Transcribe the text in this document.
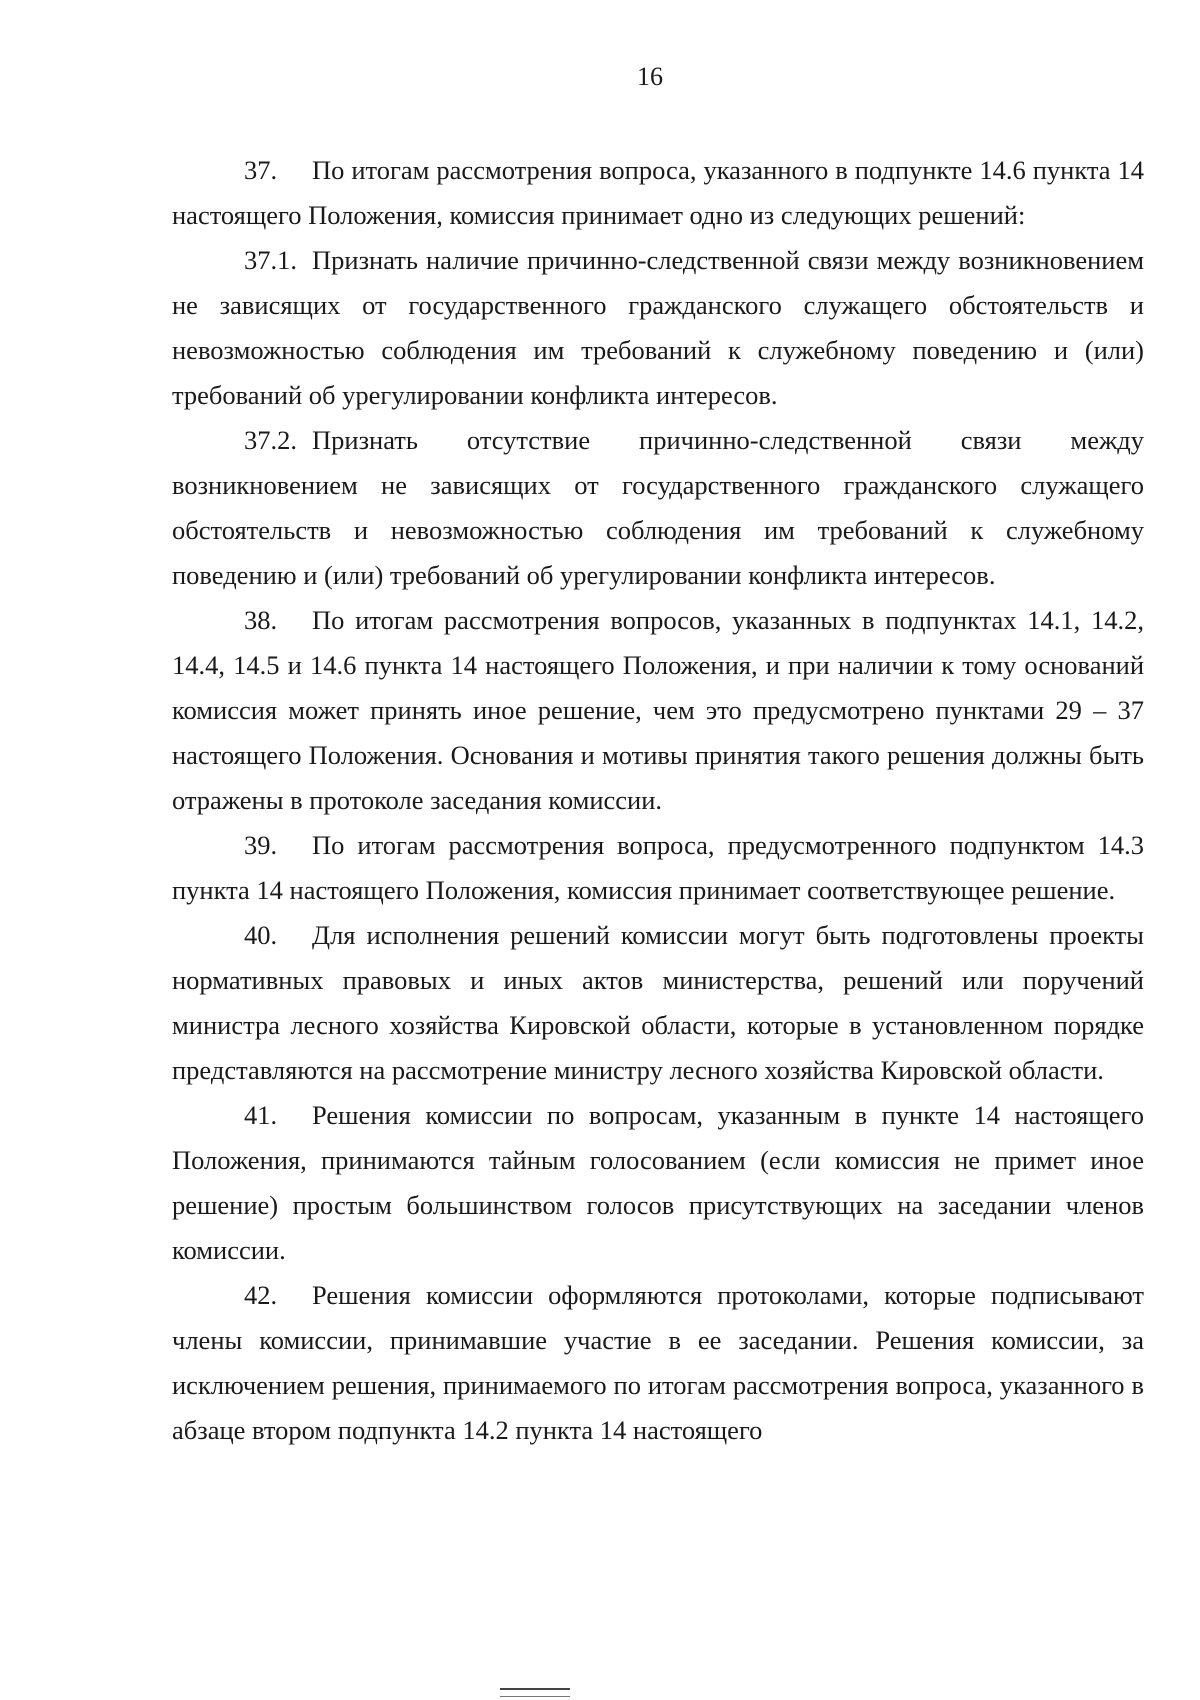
16

37. По итогам рассмотрения вопроса, указанного в подпункте 14.6 пункта 14 настоящего Положения, комиссия принимает одно из следующих решений:

37.1. Признать наличие причинно-следственной связи между возникновением не зависящих от государственного гражданского служащего обстоятельств и невозможностью соблюдения им требований к служебному поведению и (или) требований об урегулировании конфликта интересов.

37.2. Признать отсутствие причинно-следственной связи между возникновением не зависящих от государственного гражданского служащего обстоятельств и невозможностью соблюдения им требований к служебному поведению и (или) требований об урегулировании конфликта интересов.

38. По итогам рассмотрения вопросов, указанных в подпунктах 14.1, 14.2, 14.4, 14.5 и 14.6 пункта 14 настоящего Положения, и при наличии к тому оснований комиссия может принять иное решение, чем это предусмотрено пунктами 29 – 37 настоящего Положения. Основания и мотивы принятия такого решения должны быть отражены в протоколе заседания комиссии.

39. По итогам рассмотрения вопроса, предусмотренного подпунктом 14.3 пункта 14 настоящего Положения, комиссия принимает соответствующее решение.

40. Для исполнения решений комиссии могут быть подготовлены проекты нормативных правовых и иных актов министерства, решений или поручений министра лесного хозяйства Кировской области, которые в установленном порядке представляются на рассмотрение министру лесного хозяйства Кировской области.

41. Решения комиссии по вопросам, указанным в пункте 14 настоящего Положения, принимаются тайным голосованием (если комиссия не примет иное решение) простым большинством голосов присутствующих на заседании членов комиссии.

42. Решения комиссии оформляются протоколами, которые подписывают члены комиссии, принимавшие участие в ее заседании. Решения комиссии, за исключением решения, принимаемого по итогам рассмотрения вопроса, указанного в абзаце втором подпункта 14.2 пункта 14 настоящего
